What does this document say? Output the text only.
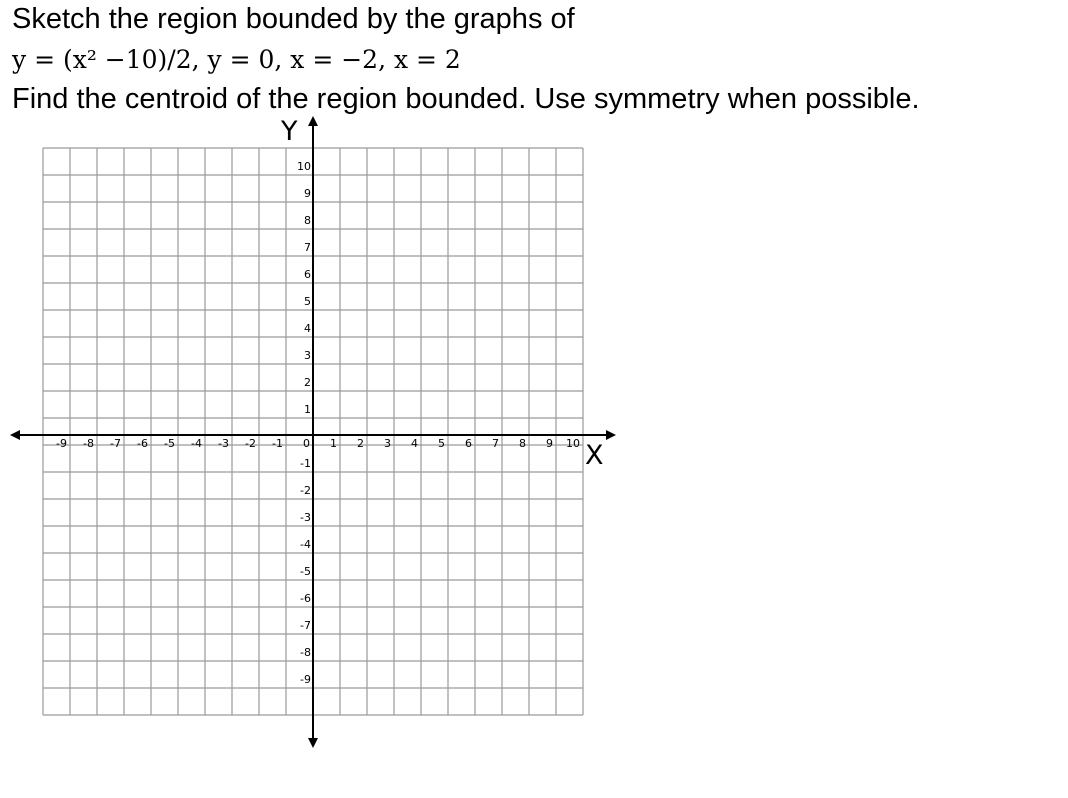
Sketch the region bounded by the graphs of
y = (x² −10)/2, y = 0, x = −2, x = 2
Find the centroid of the region bounded. Use symmetry when possible.
-9 -8 -7 -6 -5 -4 -3 -2 -1 0 1 2 3 4 5 6 7 8 9 10
10
9
8
7
6
5
4
3
2
1
-1
-2
-3
-4
-5
-6
-7
-8
-9
X
Y
